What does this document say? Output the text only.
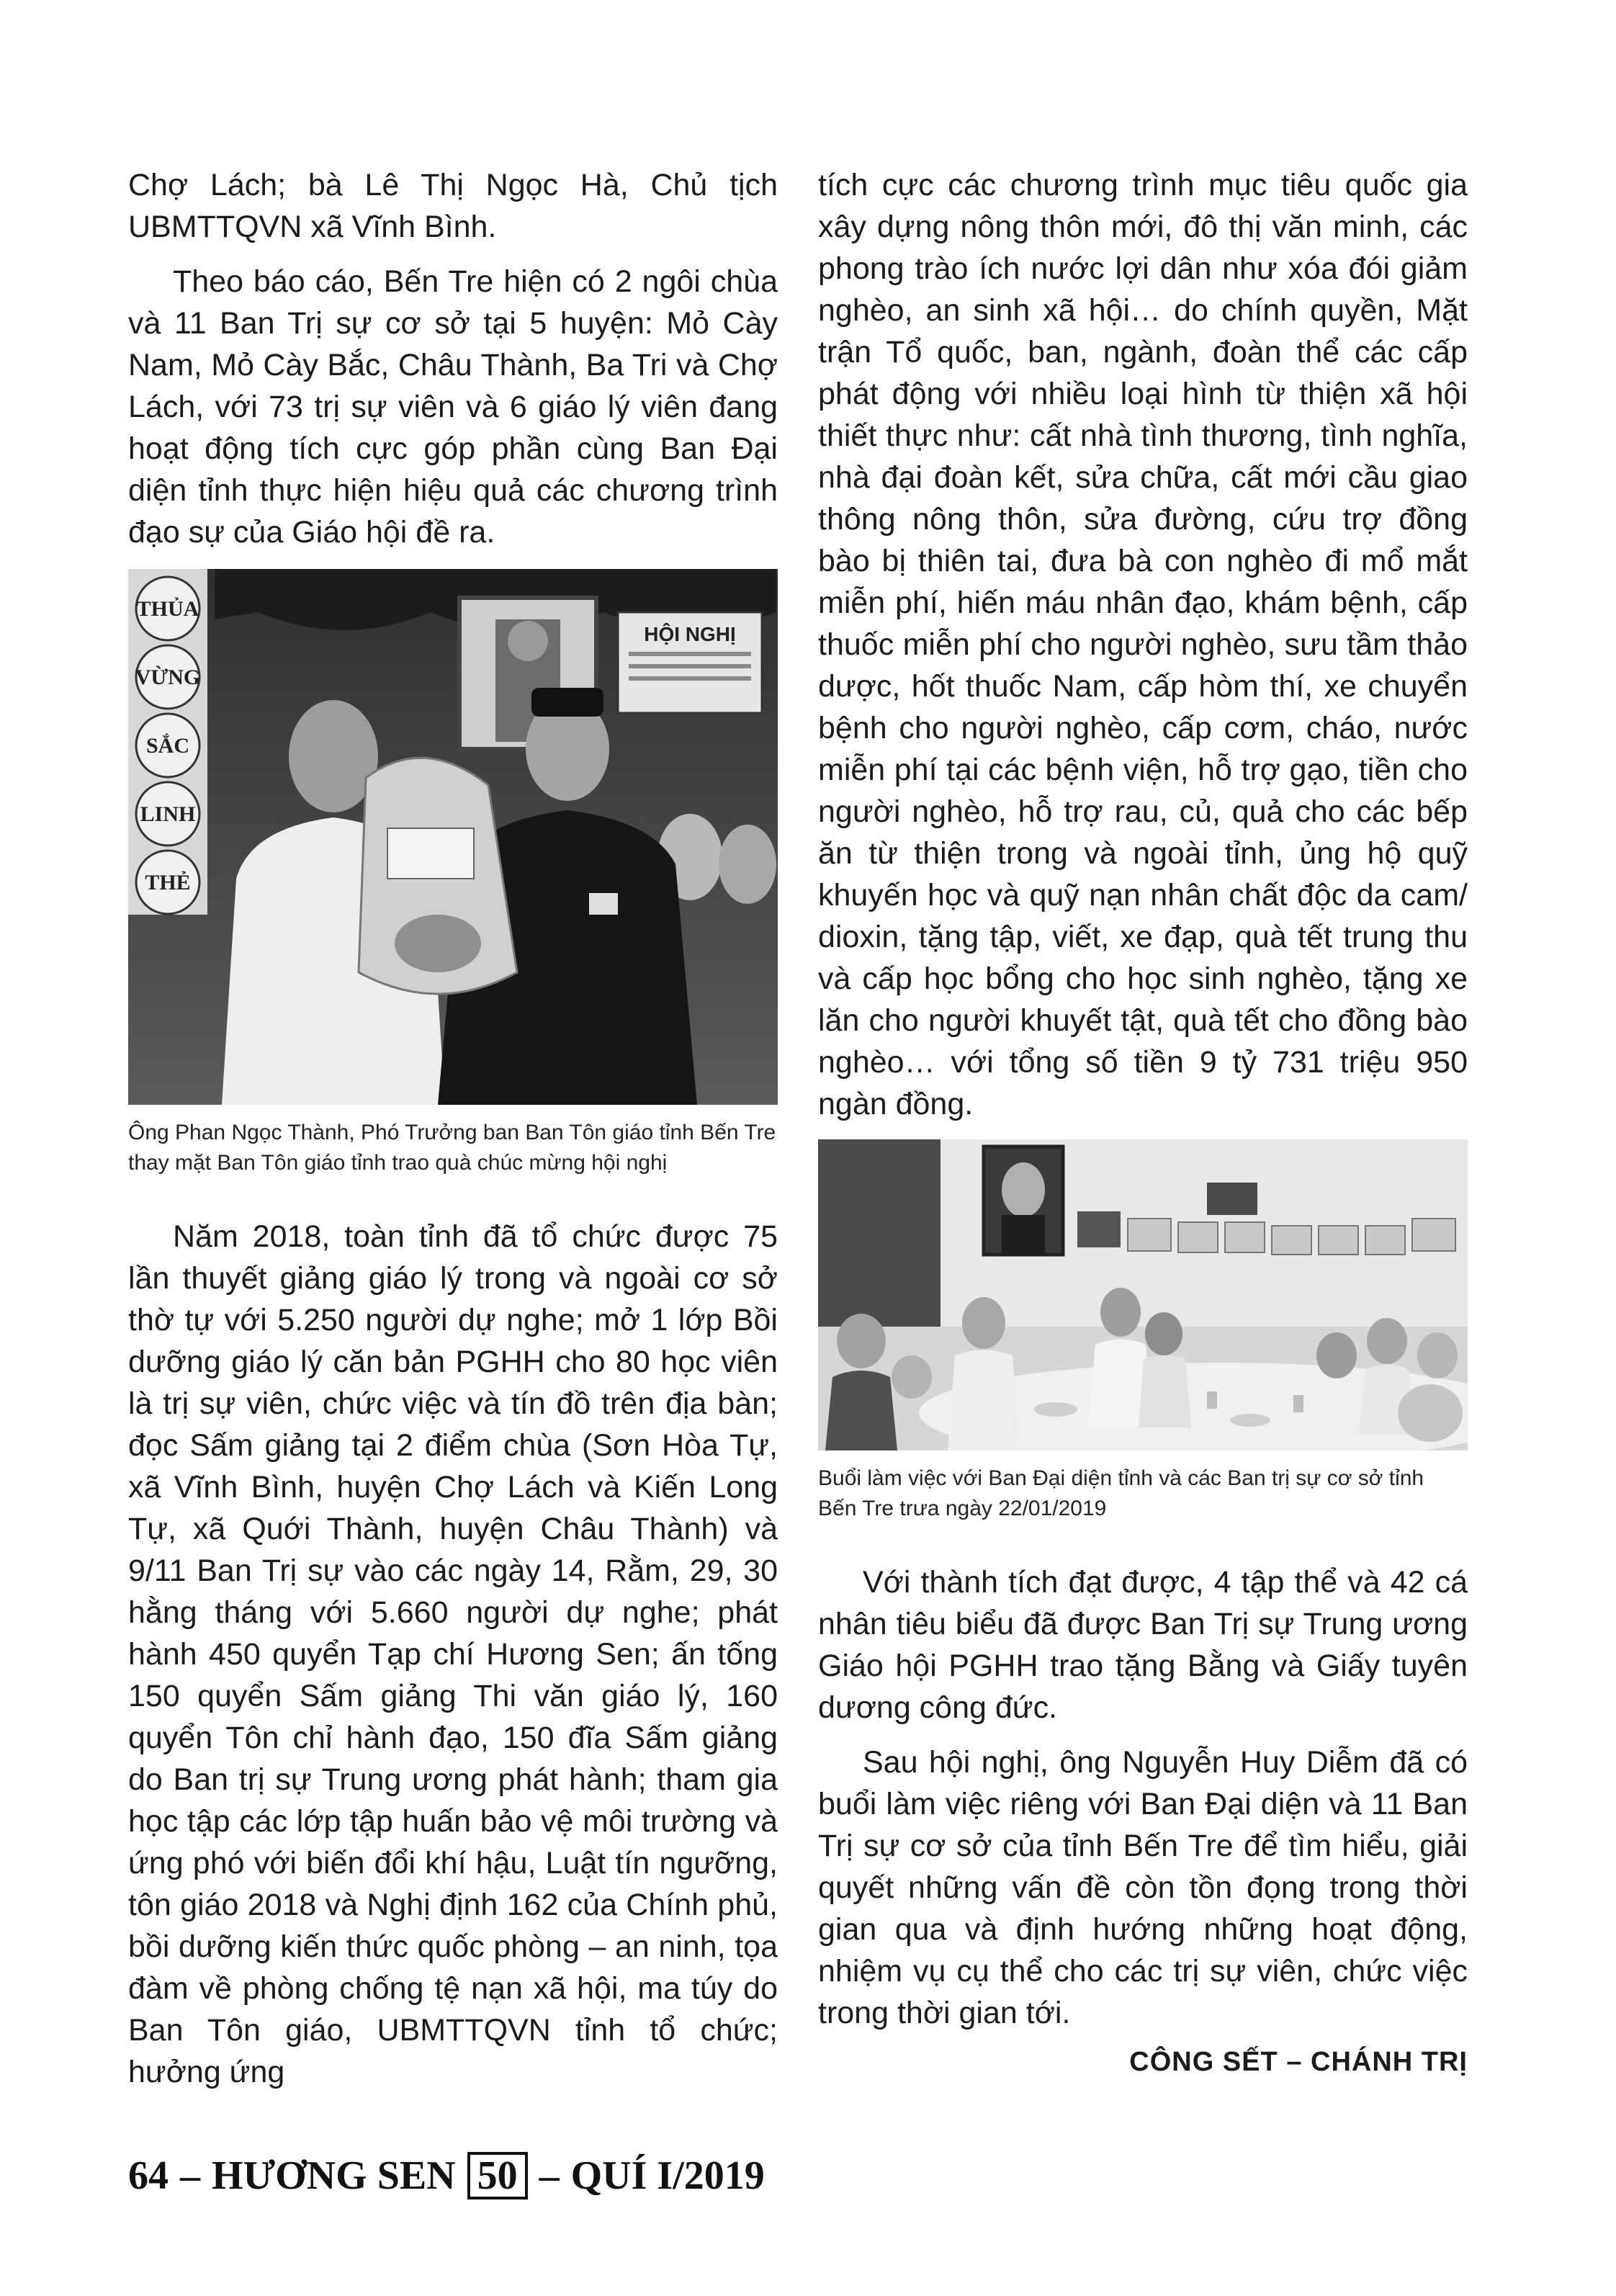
Chợ Lách; bà Lê Thị Ngọc Hà, Chủ tịch UBMTTQVN xã Vĩnh Bình.

Theo báo cáo, Bến Tre hiện có 2 ngôi chùa và 11 Ban Trị sự cơ sở tại 5 huyện: Mỏ Cày Nam, Mỏ Cày Bắc, Châu Thành, Ba Tri và Chợ Lách, với 73 trị sự viên và 6 giáo lý viên đang hoạt động tích cực góp phần cùng Ban Đại diện tỉnh thực hiện hiệu quả các chương trình đạo sự của Giáo hội đề ra.

THỦA
VỪNG
SẮC
LINH
THẺ
HỘI NGHỊ
Ông Phan Ngọc Thành, Phó Trưởng ban Ban Tôn giáo tỉnh Bến Tre thay mặt Ban Tôn giáo tỉnh trao quà chúc mừng hội nghị

Năm 2018, toàn tỉnh đã tổ chức được 75 lần thuyết giảng giáo lý trong và ngoài cơ sở thờ tự với 5.250 người dự nghe; mở 1 lớp Bồi dưỡng giáo lý căn bản PGHH cho 80 học viên là trị sự viên, chức việc và tín đồ trên địa bàn; đọc Sấm giảng tại 2 điểm chùa (Sơn Hòa Tự, xã Vĩnh Bình, huyện Chợ Lách và Kiến Long Tự, xã Quới Thành, huyện Châu Thành) và 9/11 Ban Trị sự vào các ngày 14, Rằm, 29, 30 hằng tháng với 5.660 người dự nghe; phát hành 450 quyển Tạp chí Hương Sen; ấn tống 150 quyển Sấm giảng Thi văn giáo lý, 160 quyển Tôn chỉ hành đạo, 150 đĩa Sấm giảng do Ban trị sự Trung ương phát hành; tham gia học tập các lớp tập huấn bảo vệ môi trường và ứng phó với biến đổi khí hậu, Luật tín ngưỡng, tôn giáo 2018 và Nghị định 162 của Chính phủ, bồi dưỡng kiến thức quốc phòng – an ninh, tọa đàm về phòng chống tệ nạn xã hội, ma túy do Ban Tôn giáo, UBMTTQVN tỉnh tổ chức; hưởng ứng

tích cực các chương trình mục tiêu quốc gia xây dựng nông thôn mới, đô thị văn minh, các phong trào ích nước lợi dân như xóa đói giảm nghèo, an sinh xã hội… do chính quyền, Mặt trận Tổ quốc, ban, ngành, đoàn thể các cấp phát động với nhiều loại hình từ thiện xã hội thiết thực như: cất nhà tình thương, tình nghĩa, nhà đại đoàn kết, sửa chữa, cất mới cầu giao thông nông thôn, sửa đường, cứu trợ đồng bào bị thiên tai, đưa bà con nghèo đi mổ mắt miễn phí, hiến máu nhân đạo, khám bệnh, cấp thuốc miễn phí cho người nghèo, sưu tầm thảo dược, hốt thuốc Nam, cấp hòm thí, xe chuyển bệnh cho người nghèo, cấp cơm, cháo, nước miễn phí tại các bệnh viện, hỗ trợ gạo, tiền cho người nghèo, hỗ trợ rau, củ, quả cho các bếp ăn từ thiện trong và ngoài tỉnh, ủng hộ quỹ khuyến học và quỹ nạn nhân chất độc da cam/ dioxin, tặng tập, viết, xe đạp, quà tết trung thu và cấp học bổng cho học sinh nghèo, tặng xe lăn cho người khuyết tật, quà tết cho đồng bào nghèo… với tổng số tiền 9 tỷ 731 triệu 950 ngàn đồng.

Buổi làm việc với Ban Đại diện tỉnh và các Ban trị sự cơ sở tỉnh Bến Tre trưa ngày 22/01/2019

Với thành tích đạt được, 4 tập thể và 42 cá nhân tiêu biểu đã được Ban Trị sự Trung ương Giáo hội PGHH trao tặng Bằng và Giấy tuyên dương công đức.

Sau hội nghị, ông Nguyễn Huy Diễm đã có buổi làm việc riêng với Ban Đại diện và 11 Ban Trị sự cơ sở của tỉnh Bến Tre để tìm hiểu, giải quyết những vấn đề còn tồn đọng trong thời gian qua và định hướng những hoạt động, nhiệm vụ cụ thể cho các trị sự viên, chức việc trong thời gian tới.

CÔNG SẾT – CHÁNH TRỊ
64 – HƯƠNG SEN 50 – QUÍ I/2019
